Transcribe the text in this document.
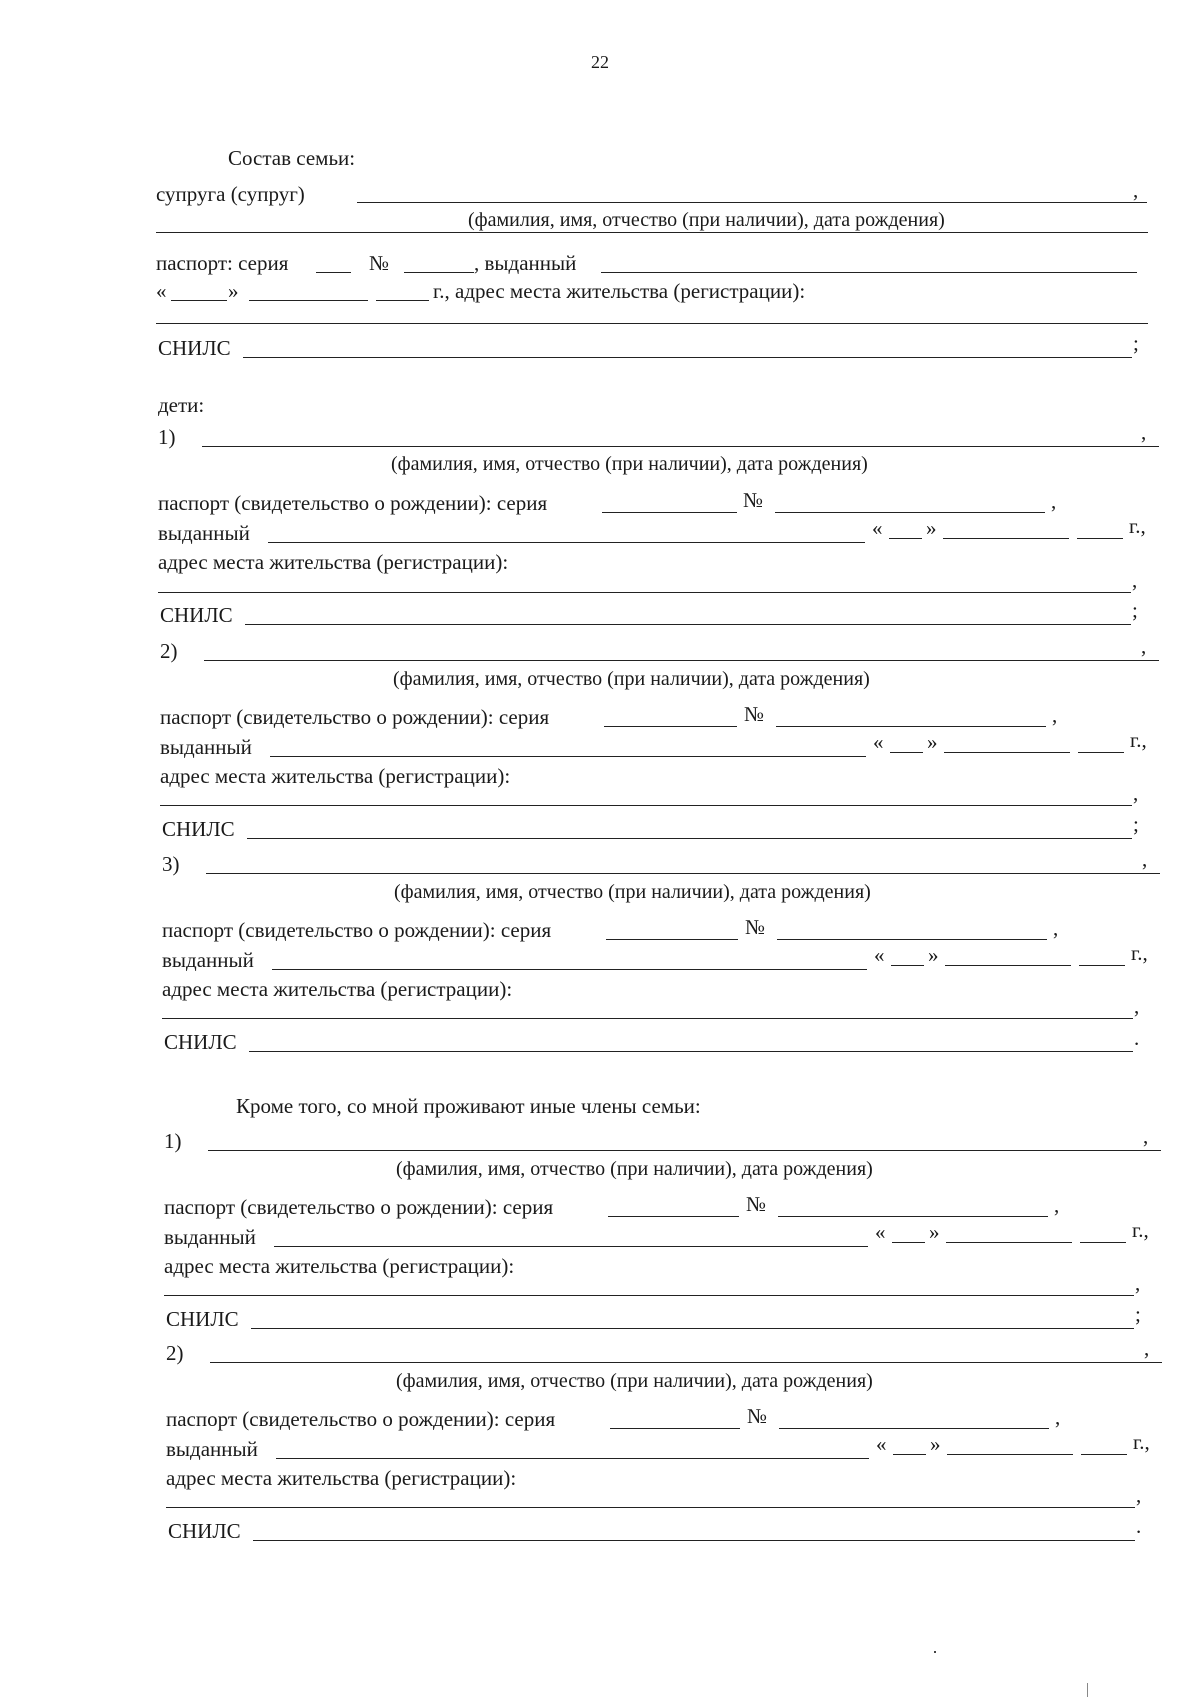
22
Состав семьи:
супруга (супруг)	,
(фамилия, имя, отчество (при наличии), дата рождения)
паспорт: серия	№	, выданный
«	»	г., адрес места жительства (регистрации):
СНИЛС	;
дети:
1)	,
(фамилия, имя, отчество (при наличии), дата рождения)
паспорт (свидетельство о рождении): серия	№	,
выданный	« »	г.,
адрес места жительства (регистрации):
,
СНИЛС	;
2)	,
(фамилия, имя, отчество (при наличии), дата рождения)
паспорт (свидетельство о рождении): серия	№	,
выданный	« »	г.,
адрес места жительства (регистрации):
,
СНИЛС	;
3)	,
(фамилия, имя, отчество (при наличии), дата рождения)
паспорт (свидетельство о рождении): серия	№	,
выданный	« »	г.,
адрес места жительства (регистрации):
,
СНИЛС	.
Кроме того, со мной проживают иные члены семьи:
1)	,
(фамилия, имя, отчество (при наличии), дата рождения)
паспорт (свидетельство о рождении): серия	№	,
выданный	« »	г.,
адрес места жительства (регистрации):
,
СНИЛС	;
2)	,
(фамилия, имя, отчество (при наличии), дата рождения)
паспорт (свидетельство о рождении): серия	№	,
выданный	« »	г.,
адрес места жительства (регистрации):
,
СНИЛС	.
